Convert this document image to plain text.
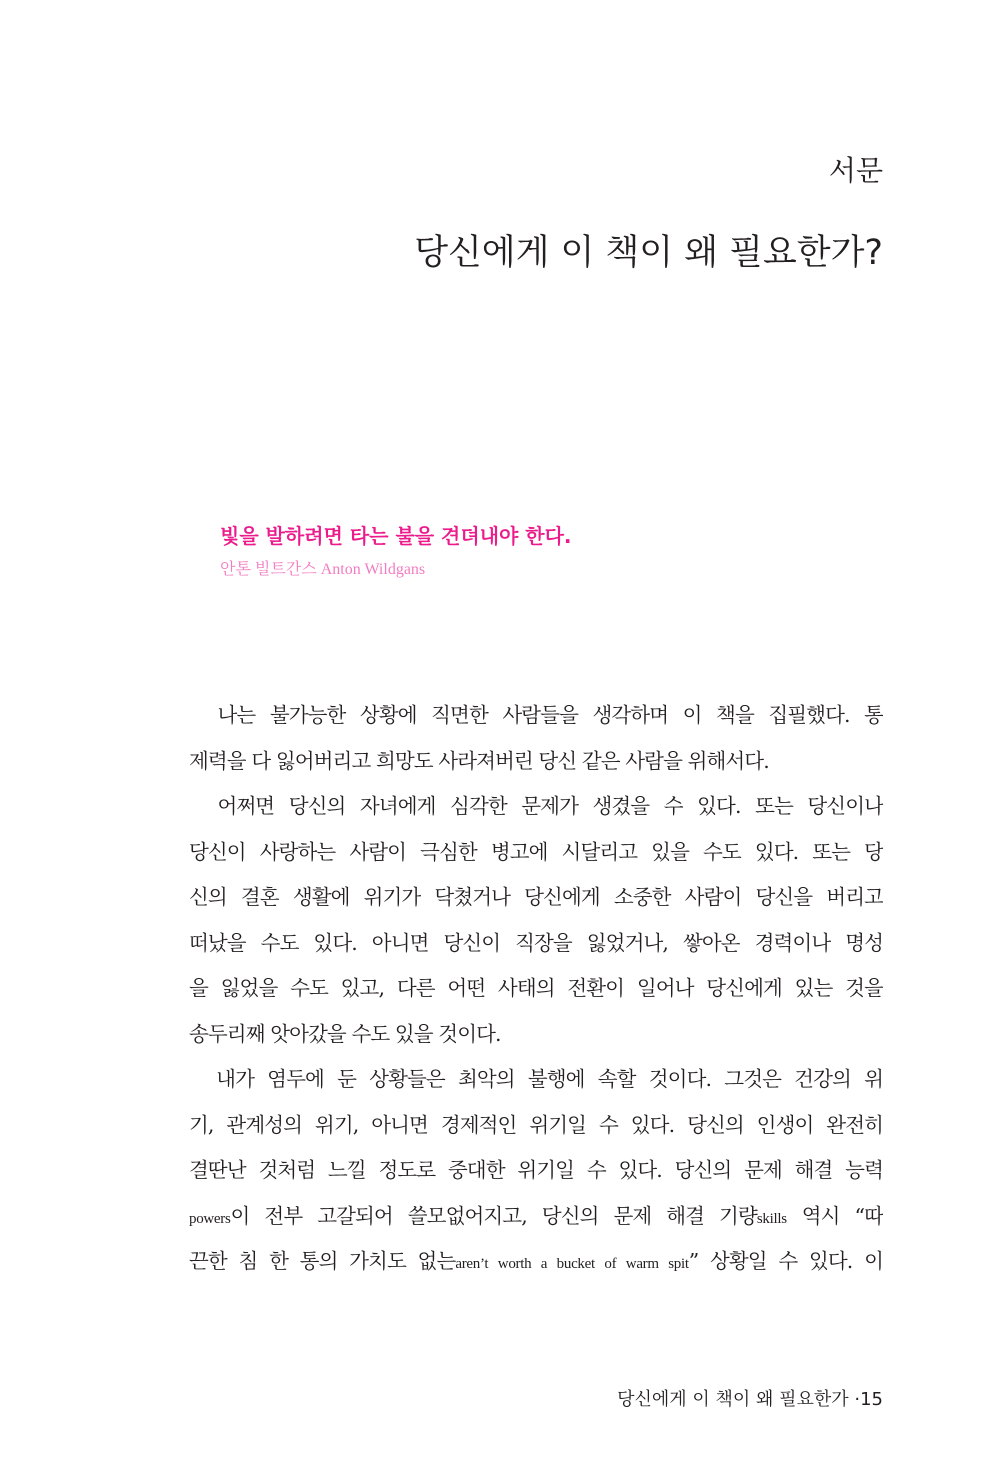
서문
당신에게 이 책이 왜 필요한가?

빛을 발하려면 타는 불을 견뎌내야 한다.

안톤 빌트간스 Anton Wildgans

　나는 불가능한 상황에 직면한 사람들을 생각하며 이 책을 집필했다. 통
제력을 다 잃어버리고 희망도 사라져버린 당신 같은 사람을 위해서다.
　어쩌면 당신의 자녀에게 심각한 문제가 생겼을 수 있다. 또는 당신이나
당신이 사랑하는 사람이 극심한 병고에 시달리고 있을 수도 있다. 또는 당
신의 결혼 생활에 위기가 닥쳤거나 당신에게 소중한 사람이 당신을 버리고
떠났을 수도 있다. 아니면 당신이 직장을 잃었거나, 쌓아온 경력이나 명성
을 잃었을 수도 있고, 다른 어떤 사태의 전환이 일어나 당신에게 있는 것을
송두리째 앗아갔을 수도 있을 것이다.
　내가 염두에 둔 상황들은 최악의 불행에 속할 것이다. 그것은 건강의 위
기, 관계성의 위기, 아니면 경제적인 위기일 수 있다. 당신의 인생이 완전히
결딴난 것처럼 느낄 정도로 중대한 위기일 수 있다. 당신의 문제 해결 능력
powers이 전부 고갈되어 쓸모없어지고, 당신의 문제 해결 기량skills 역시 “따
끈한 침 한 통의 가치도 없는aren’t worth a bucket of warm spit” 상황일 수 있다. 이
당신에게 이 책이 왜 필요한가 ·15
